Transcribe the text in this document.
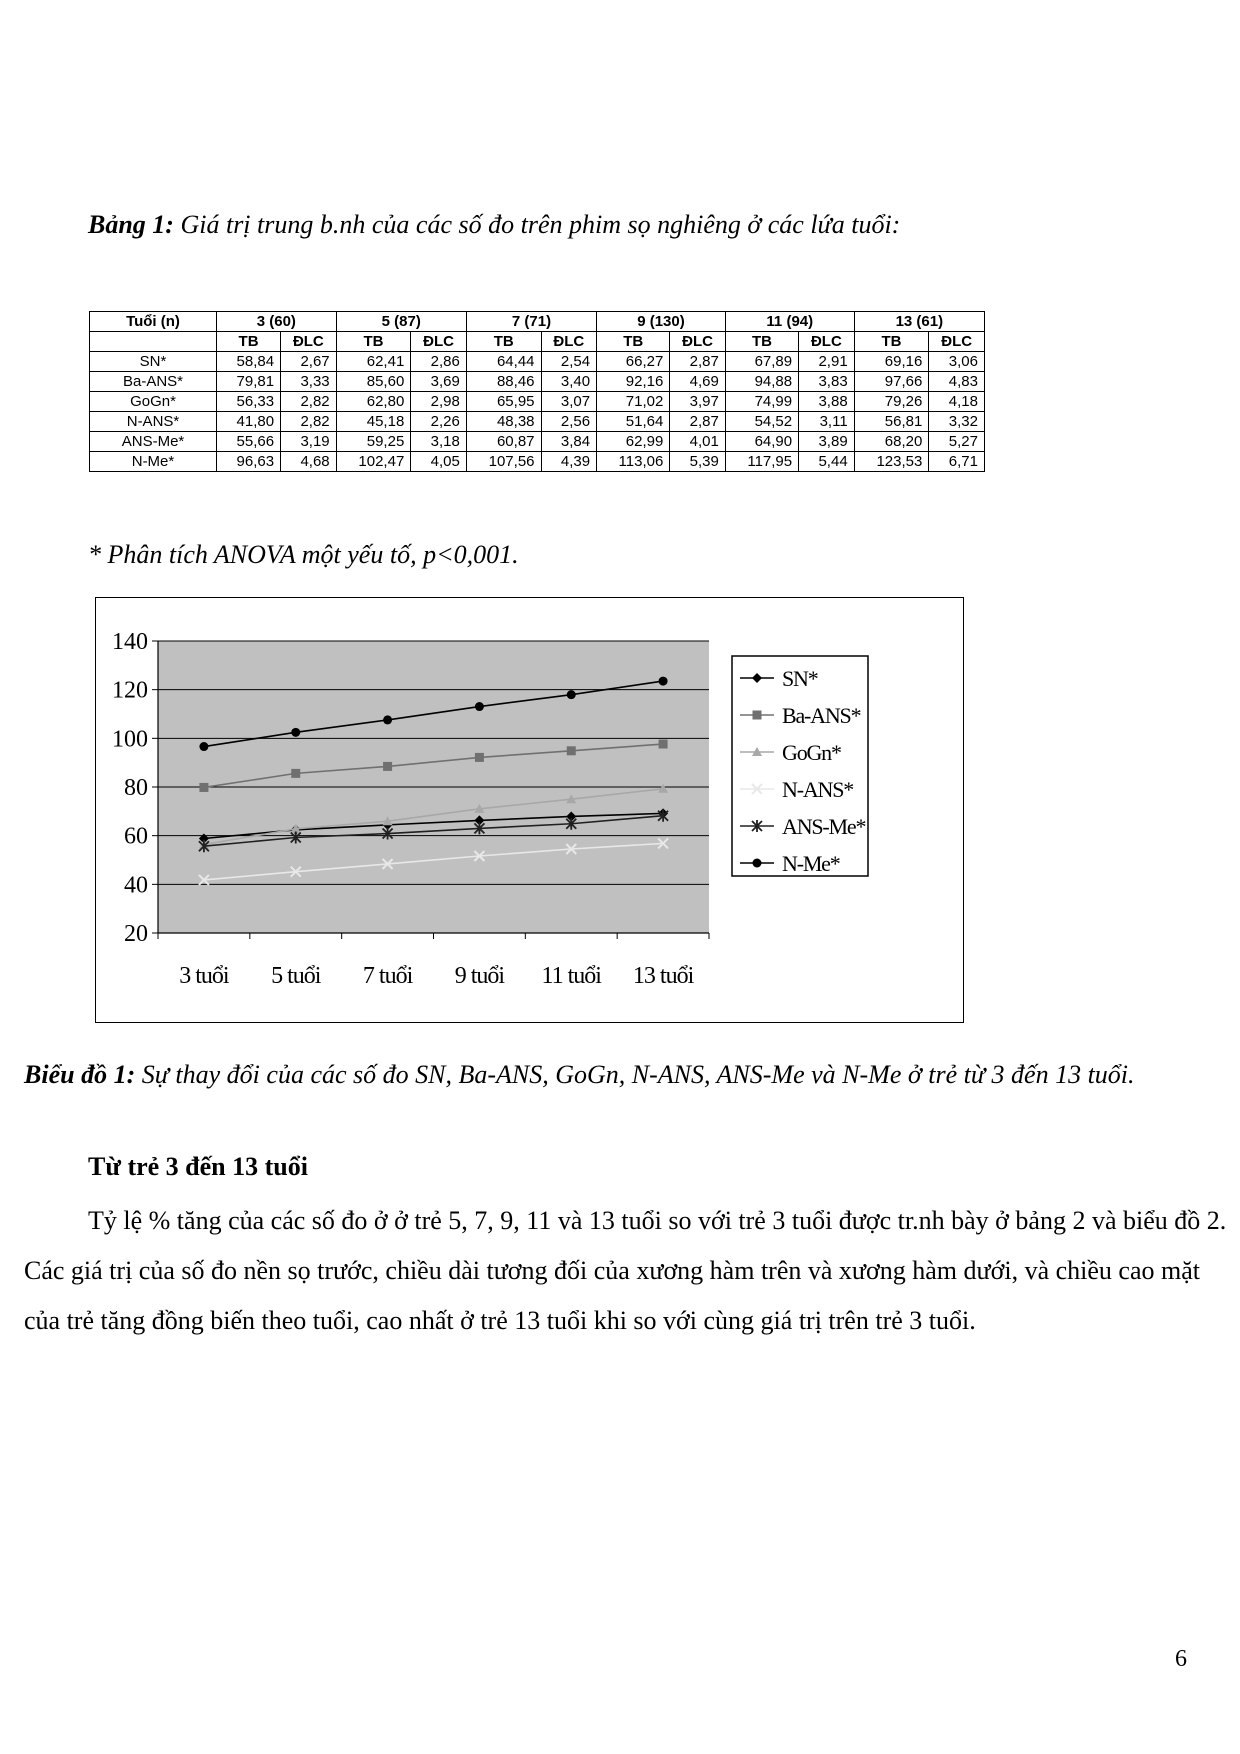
Bảng 1: Giá trị trung b.nh của các số đo trên phim sọ nghiêng ở các lứa tuổi:
Tuổi (n)	3 (60)		5 (87)		7 (71)		9 (130)		11 (94)		13 (61)	
	TB	ĐLC	TB	ĐLC	TB	ĐLC	TB	ĐLC	TB	ĐLC	TB	ĐLC
SN*	58,84	2,67	62,41	2,86	64,44	2,54	66,27	2,87	67,89	2,91	69,16	3,06
Ba-ANS*	79,81	3,33	85,60	3,69	88,46	3,40	92,16	4,69	94,88	3,83	97,66	4,83
GoGn*	56,33	2,82	62,80	2,98	65,95	3,07	71,02	3,97	74,99	3,88	79,26	4,18
N-ANS*	41,80	2,82	45,18	2,26	48,38	2,56	51,64	2,87	54,52	3,11	56,81	3,32
ANS-Me*	55,66	3,19	59,25	3,18	60,87	3,84	62,99	4,01	64,90	3,89	68,20	5,27
N-Me*	96,63	4,68	102,47	4,05	107,56	4,39	113,06	5,39	117,95	5,44	123,53	6,71
* Phân tích ANOVA một yếu tố, p<0,001.
20
40
60
80
100
120
140
3 tuổi 5 tuổi 7 tuổi 9 tuổi 11 tuổi 13 tuổi
SN*
Ba-ANS*
GoGn*
N-ANS*
ANS-Me*
N-Me*
Biểu đồ 1: Sự thay đổi của các số đo SN, Ba-ANS, GoGn, N-ANS, ANS-Me và N-Me ở trẻ từ 3 đến 13 tuổi.
Từ trẻ 3 đến 13 tuổi
Tỷ lệ % tăng của các số đo ở ở trẻ 5, 7, 9, 11 và 13 tuổi so với trẻ 3 tuổi được tr.nh bày ở bảng 2 và biểu đồ 2. Các giá trị của số đo nền sọ trước, chiều dài tương đối của xương hàm trên và xương hàm dưới, và chiều cao mặt của trẻ tăng đồng biến theo tuổi, cao nhất ở trẻ 13 tuổi khi so với cùng giá trị trên trẻ 3 tuổi.
6
